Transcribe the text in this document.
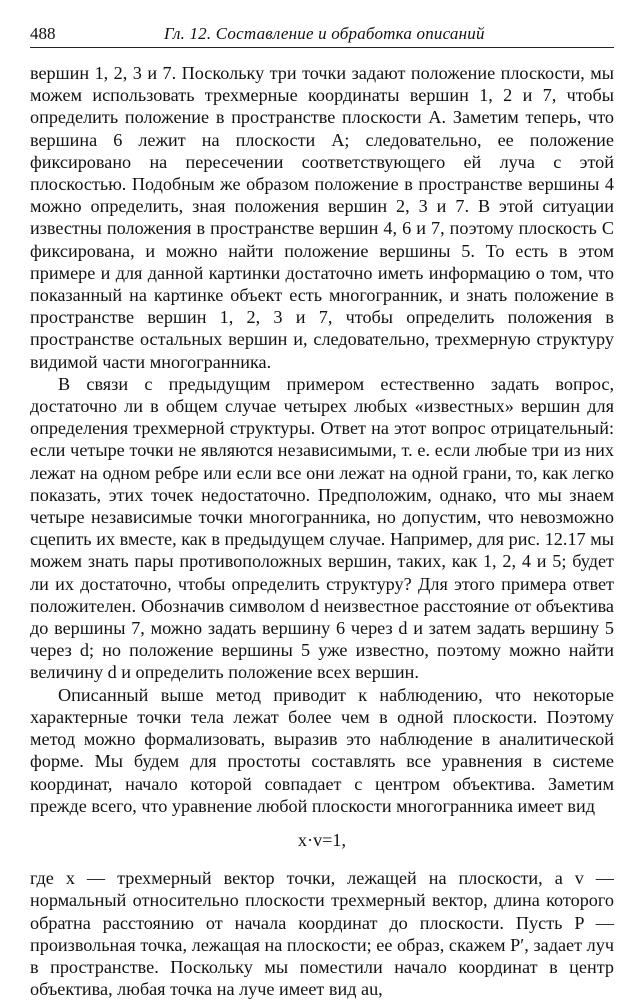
488	Гл. 12. Составление и обработка описаний

вершин 1, 2, 3 и 7. Поскольку три точки задают положение плоскости, мы можем использовать трехмерные координаты вершин 1, 2 и 7, чтобы определить положение в пространстве плоскости A. Заметим теперь, что вершина 6 лежит на плоскости A; следовательно, ее положение фиксировано на пересечении соответствующего ей луча с этой плоскостью. Подобным же образом положение в пространстве вершины 4 можно определить, зная положения вершин 2, 3 и 7. В этой ситуации известны положения в пространстве вершин 4, 6 и 7, поэтому плоскость C фиксирована, и можно найти положение вершины 5. То есть в этом примере и для данной картинки достаточно иметь информацию о том, что показанный на картинке объект есть многогранник, и знать положение в пространстве вершин 1, 2, 3 и 7, чтобы определить положения в пространстве остальных вершин и, следовательно, трехмерную структуру видимой части многогранника.

В связи с предыдущим примером естественно задать вопрос, достаточно ли в общем случае четырех любых «известных» вершин для определения трехмерной структуры. Ответ на этот вопрос отрицательный: если четыре точки не являются независимыми, т. е. если любые три из них лежат на одном ребре или если все они лежат на одной грани, то, как легко показать, этих точек недостаточно. Предположим, однако, что мы знаем четыре независимые точки многогранника, но допустим, что невозможно сцепить их вместе, как в предыдущем случае. Например, для рис. 12.17 мы можем знать пары противоположных вершин, таких, как 1, 2, 4 и 5; будет ли их достаточно, чтобы определить структуру? Для этого примера ответ положителен. Обозначив символом d неизвестное расстояние от объектива до вершины 7, можно задать вершину 6 через d и затем задать вершину 5 через d; но положение вершины 5 уже известно, поэтому можно найти величину d и определить положение всех вершин.

Описанный выше метод приводит к наблюдению, что некоторые характерные точки тела лежат более чем в одной плоскости. Поэтому метод можно формализовать, выразив это наблюдение в аналитической форме. Мы будем для простоты составлять все уравнения в системе координат, начало которой совпадает с центром объектива. Заметим прежде всего, что уравнение любой плоскости многогранника имеет вид

x·v=1,

где x — трехмерный вектор точки, лежащей на плоскости, а v — нормальный относительно плоскости трехмерный вектор, длина которого обратна расстоянию от начала координат до плоскости. Пусть P — произвольная точка, лежащая на плоскости; ее образ, скажем P′, задает луч в пространстве. Поскольку мы поместили начало координат в центр объектива, любая точка на луче имеет вид au,
